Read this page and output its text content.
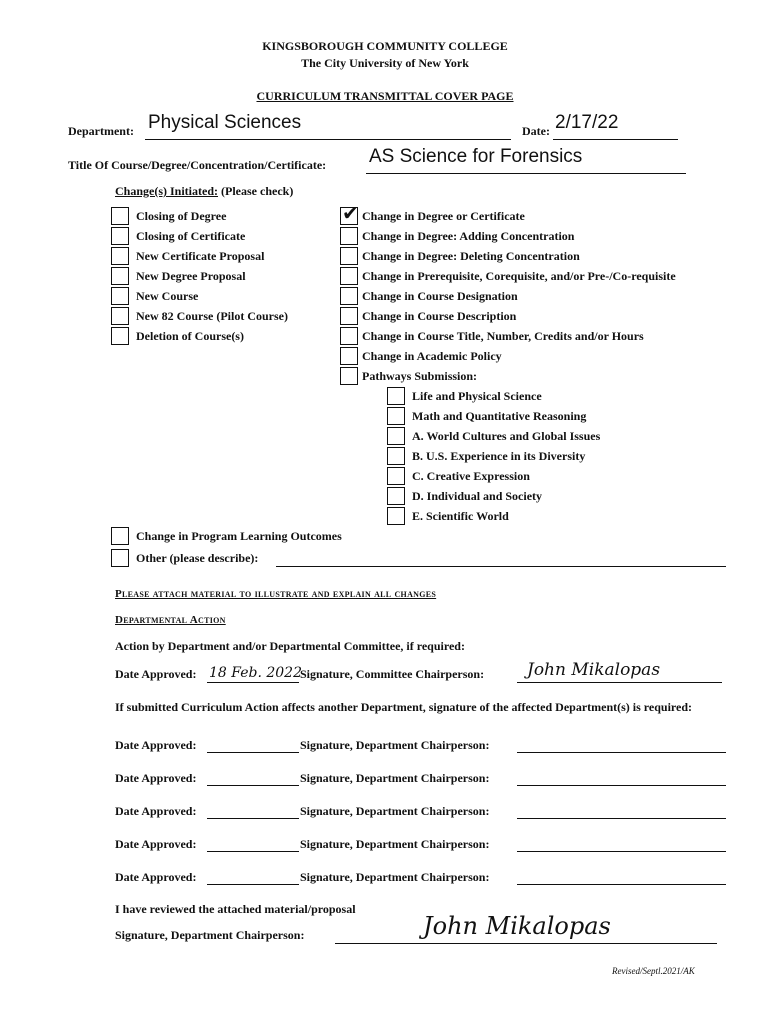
KINGSBOROUGH COMMUNITY COLLEGE
The City University of New York
CURRICULUM TRANSMITTAL COVER PAGE
Department: Physical Sciences	Date: 2/17/22
Title Of Course/Degree/Concentration/Certificate: AS Science for Forensics
Change(s) Initiated: (Please check)
Closing of Degree
Closing of Certificate
New Certificate Proposal
New Degree Proposal
New Course
New 82 Course (Pilot Course)
Deletion of Course(s)
✔ Change in Degree or Certificate
Change in Degree: Adding Concentration
Change in Degree: Deleting Concentration
Change in Prerequisite, Corequisite, and/or Pre-/Co-requisite
Change in Course Designation
Change in Course Description
Change in Course Title, Number, Credits and/or Hours
Change in Academic Policy
Pathways Submission:
Life and Physical Science
Math and Quantitative Reasoning
A. World Cultures and Global Issues
B. U.S. Experience in its Diversity
C. Creative Expression
D. Individual and Society
E. Scientific World
Change in Program Learning Outcomes
Other (please describe):
Please attach material to illustrate and explain all changes
Departmental Action
Action by Department and/or Departmental Committee, if required:
Date Approved: 18 Feb. 2022
Signature, Committee Chairperson:	John Mikalopas
If submitted Curriculum Action affects another Department, signature of the affected Department(s) is required:
Date Approved:	Signature, Department Chairperson:
Date Approved:	Signature, Department Chairperson:
Date Approved:	Signature, Department Chairperson:
Date Approved:	Signature, Department Chairperson:
Date Approved:	Signature, Department Chairperson:
I have reviewed the attached material/proposal
Signature, Department Chairperson:	John Mikalopas
Revised/Septl.2021/AK
